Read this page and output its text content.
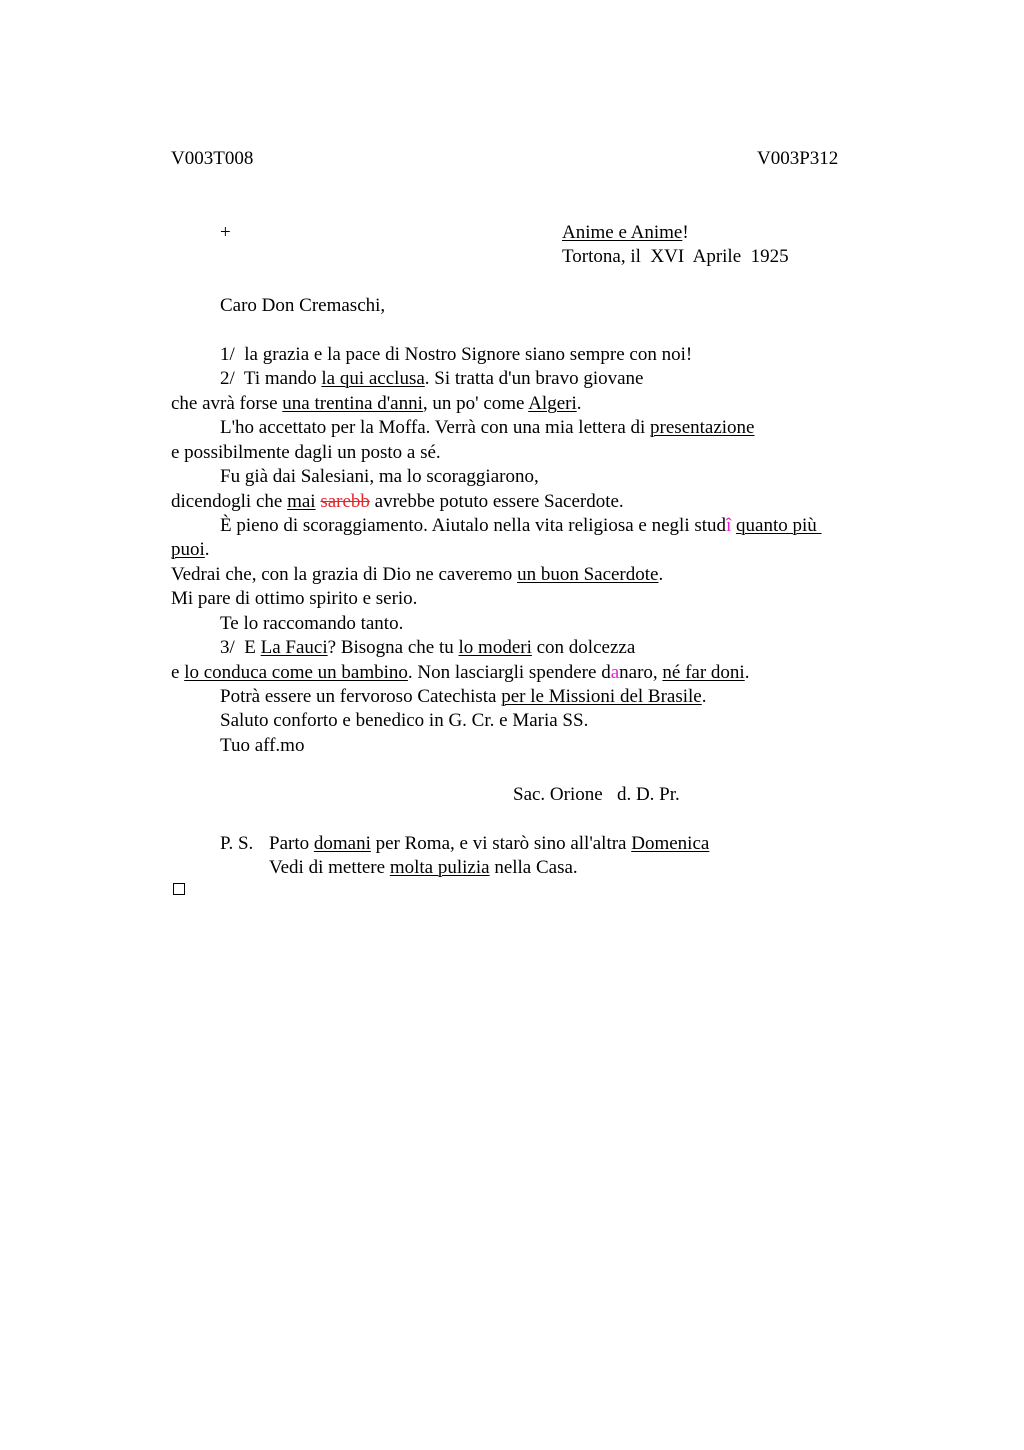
V003T008	V003P312
+	Anime e Anime!
Tortona, il  XVI  Aprile  1925
Caro Don Cremaschi,
1/  la grazia e la pace di Nostro Signore siano sempre con noi!
2/  Ti mando la qui acclusa. Si tratta d'un bravo giovane
che avrà forse una trentina d'anni, un po' come Algeri.
L'ho accettato per la Moffa. Verrà con una mia lettera di presentazione
e possibilmente dagli un posto a sé.
Fu già dai Salesiani, ma lo scoraggiarono,
dicendogli che mai sarebb avrebbe potuto essere Sacerdote.
È pieno di scoraggiamento. Aiutalo nella vita religiosa e negli studî quanto più
puoi.
Vedrai che, con la grazia di Dio ne caveremo un buon Sacerdote.
Mi pare di ottimo spirito e serio.
Te lo raccomando tanto.
3/  E La Fauci? Bisogna che tu lo moderi con dolcezza
e lo conduca come un bambino. Non lasciargli spendere danaro, né far doni.
Potrà essere un fervoroso Catechista per le Missioni del Brasile.
Saluto conforto e benedico in G. Cr. e Maria SS.
Tuo aff.mo
Sac. Orione   d. D. Pr.
P. S. Parto domani per Roma, e vi starò sino all'altra Domenica
Vedi di mettere molta pulizia nella Casa.
